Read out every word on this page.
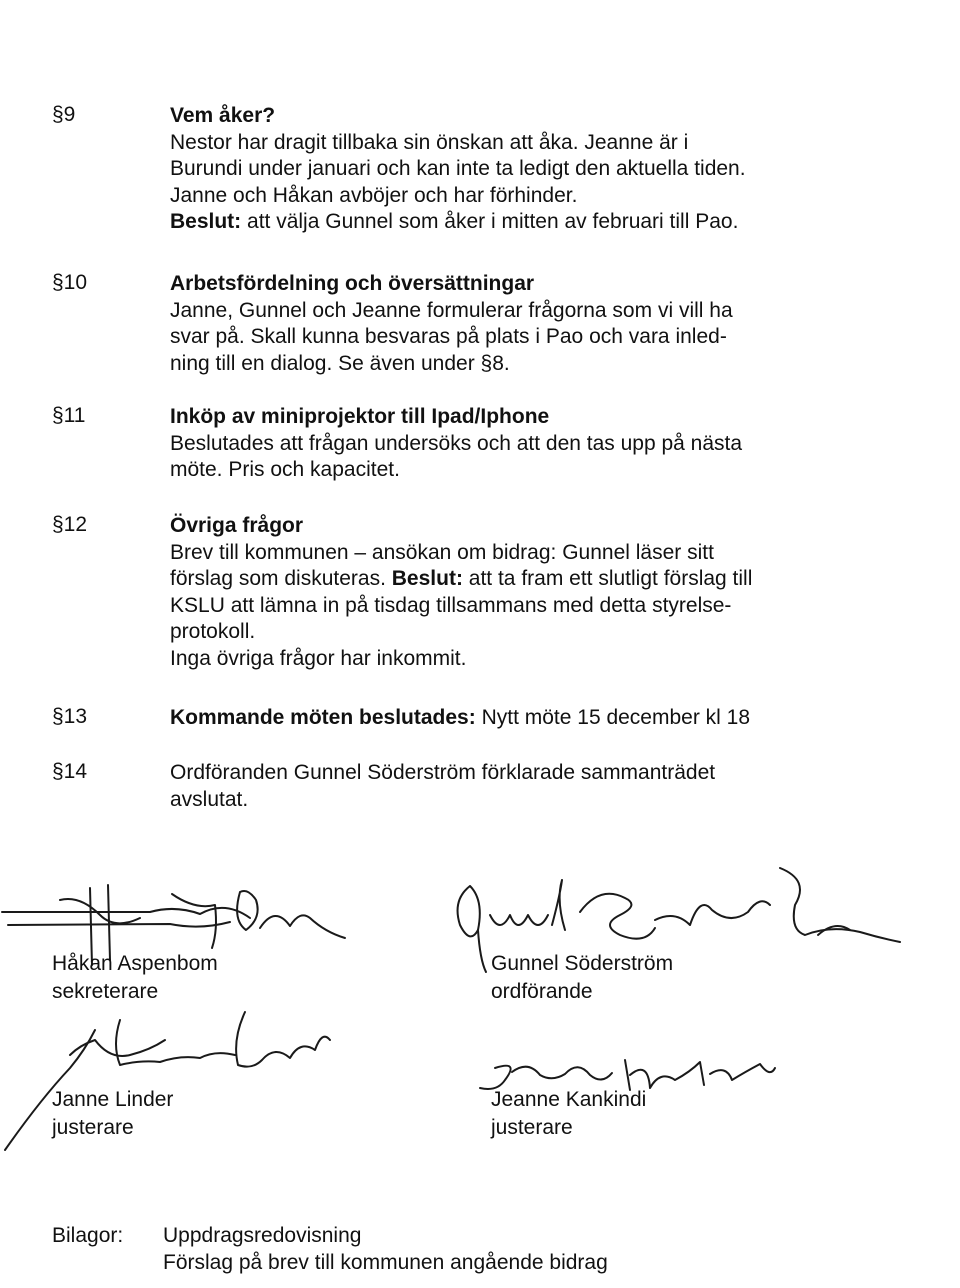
§9	Vem åker?
Nestor har dragit tillbaka sin önskan att åka. Jeanne är i
Burundi under januari och kan inte ta ledigt den aktuella tiden.
Janne och Håkan avböjer och har förhinder.
Beslut: att välja Gunnel som åker i mitten av februari till Pao.
§10	Arbetsfördelning och översättningar
Janne, Gunnel och Jeanne formulerar frågorna som vi vill ha
svar på. Skall kunna besvaras på plats i Pao och vara inled-
ning till en dialog. Se även under §8.
§11	Inköp av miniprojektor till Ipad/Iphone
Beslutades att frågan undersöks och att den tas upp på nästa
möte. Pris och kapacitet.
§12	Övriga frågor
Brev till kommunen – ansökan om bidrag: Gunnel läser sitt
förslag som diskuteras. Beslut: att ta fram ett slutligt förslag till
KSLU att lämna in på tisdag tillsammans med detta styrelse-
protokoll.
Inga övriga frågor har inkommit.
§13	Kommande möten beslutades: Nytt möte 15 december kl 18
§14	Ordföranden Gunnel Söderström förklarade sammanträdet
avslutat.
Håkan Aspenbom
sekreterare
Gunnel Söderström
ordförande
Janne Linder
justerare
Jeanne Kankindi
justerare
Bilagor: Uppdragsredovisning
Förslag på brev till kommunen angående bidrag
